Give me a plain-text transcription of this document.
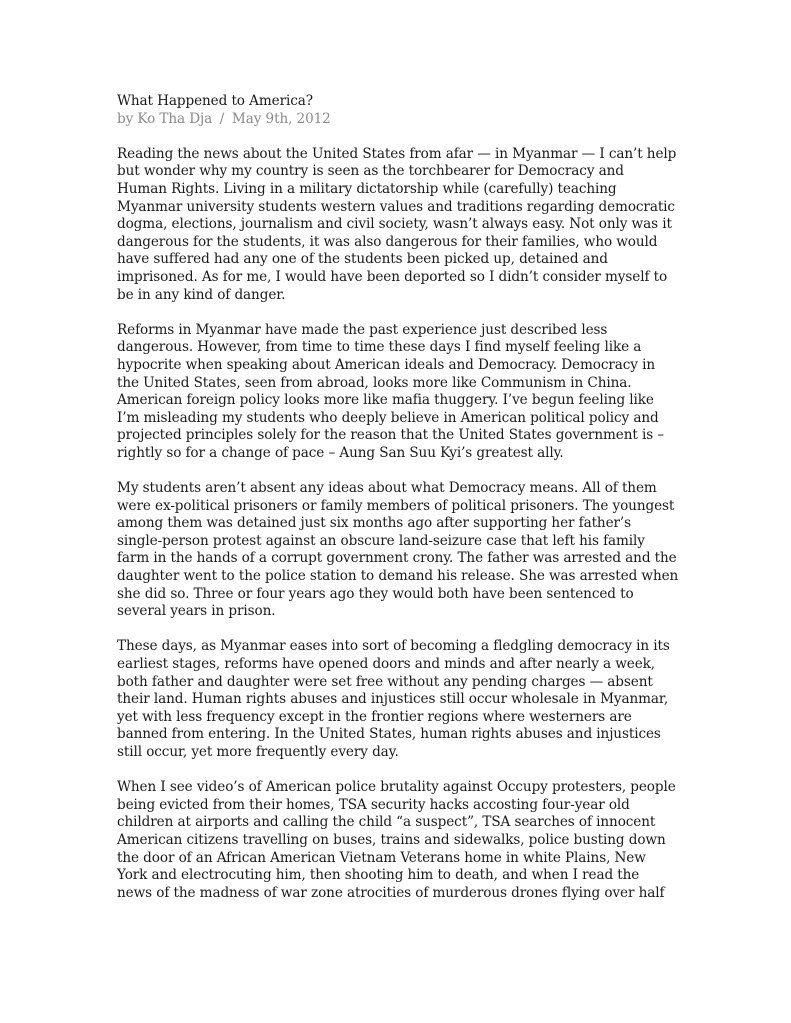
What Happened to America?
by Ko Tha Dja / May 9th, 2012

Reading the news about the United States from afar — in Myanmar — I can’t help
but wonder why my country is seen as the torchbearer for Democracy and
Human Rights. Living in a military dictatorship while (carefully) teaching
Myanmar university students western values and traditions regarding democratic
dogma, elections, journalism and civil society, wasn’t always easy. Not only was it
dangerous for the students, it was also dangerous for their families, who would
have suffered had any one of the students been picked up, detained and
imprisoned. As for me, I would have been deported so I didn’t consider myself to
be in any kind of danger.

Reforms in Myanmar have made the past experience just described less
dangerous. However, from time to time these days I find myself feeling like a
hypocrite when speaking about American ideals and Democracy. Democracy in
the United States, seen from abroad, looks more like Communism in China.
American foreign policy looks more like mafia thuggery. I’ve begun feeling like
I’m misleading my students who deeply believe in American political policy and
projected principles solely for the reason that the United States government is –
rightly so for a change of pace – Aung San Suu Kyi’s greatest ally.

My students aren’t absent any ideas about what Democracy means. All of them
were ex-political prisoners or family members of political prisoners. The youngest
among them was detained just six months ago after supporting her father’s
single-person protest against an obscure land-seizure case that left his family
farm in the hands of a corrupt government crony. The father was arrested and the
daughter went to the police station to demand his release. She was arrested when
she did so. Three or four years ago they would both have been sentenced to
several years in prison.

These days, as Myanmar eases into sort of becoming a fledgling democracy in its
earliest stages, reforms have opened doors and minds and after nearly a week,
both father and daughter were set free without any pending charges — absent
their land. Human rights abuses and injustices still occur wholesale in Myanmar,
yet with less frequency except in the frontier regions where westerners are
banned from entering. In the United States, human rights abuses and injustices
still occur, yet more frequently every day.

When I see video’s of American police brutality against Occupy protesters, people
being evicted from their homes, TSA security hacks accosting four-year old
children at airports and calling the child “a suspect”, TSA searches of innocent
American citizens travelling on buses, trains and sidewalks, police busting down
the door of an African American Vietnam Veterans home in white Plains, New
York and electrocuting him, then shooting him to death, and when I read the
news of the madness of war zone atrocities of murderous drones flying over half
